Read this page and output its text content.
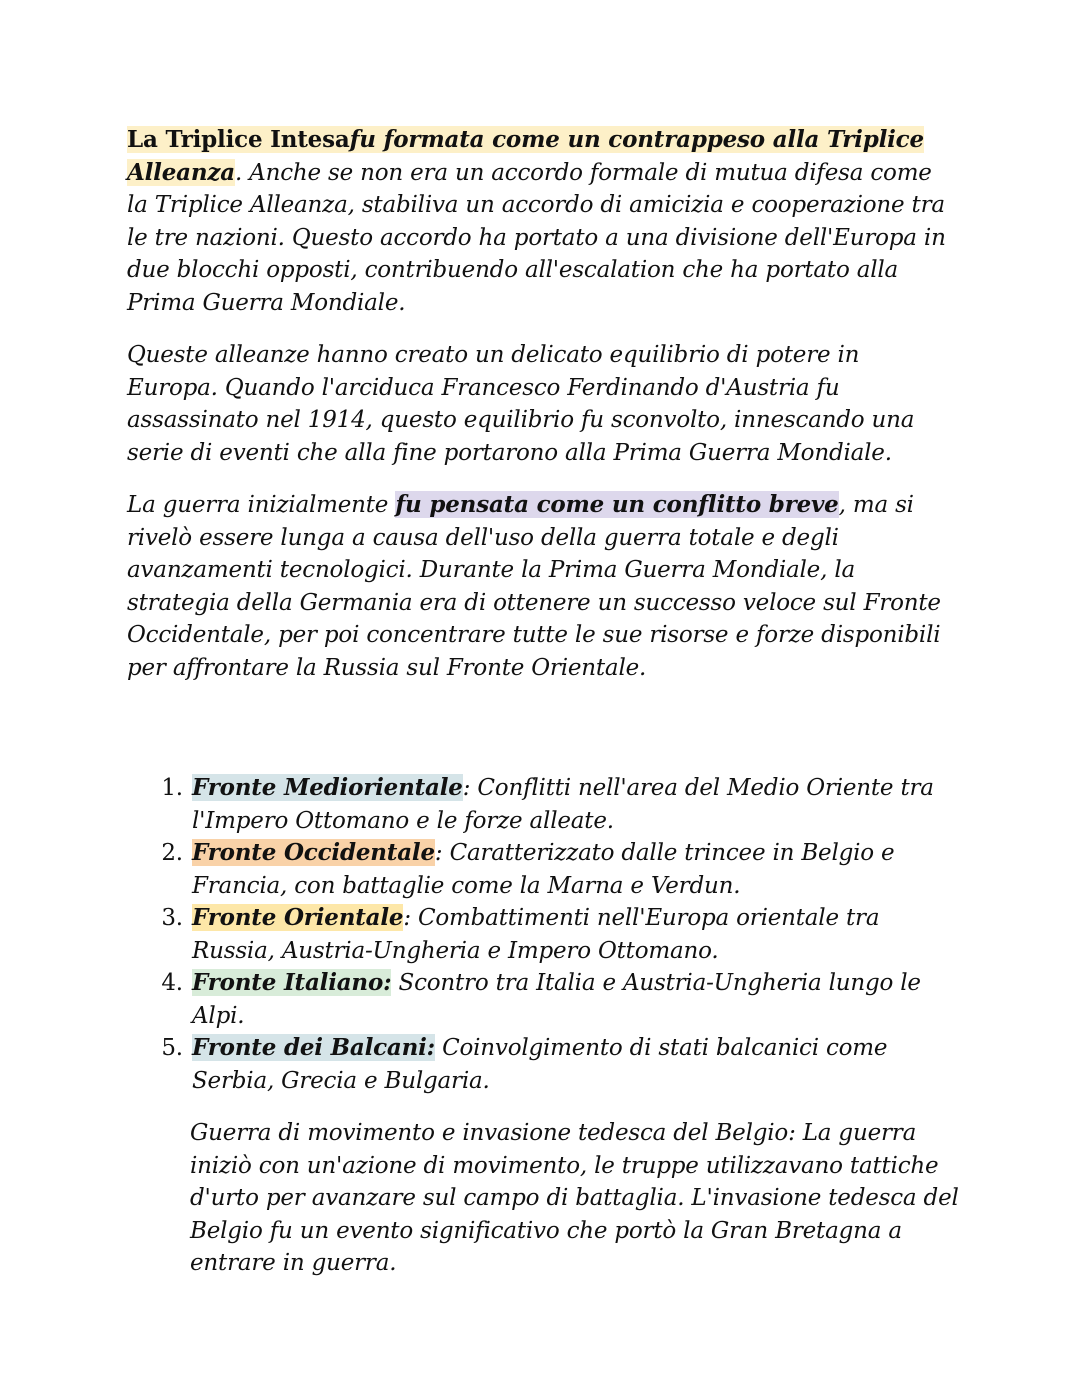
La Triplice Intesafu formata come un contrappeso alla Triplice Alleanza. Anche se non era un accordo formale di mutua difesa come la Triplice Alleanza, stabiliva un accordo di amicizia e cooperazione tra le tre nazioni. Questo accordo ha portato a una divisione dell'Europa in due blocchi opposti, contribuendo all'escalation che ha portato alla Prima Guerra Mondiale.

Queste alleanze hanno creato un delicato equilibrio di potere in Europa. Quando l'arciduca Francesco Ferdinando d'Austria fu assassinato nel 1914, questo equilibrio fu sconvolto, innescando una serie di eventi che alla fine portarono alla Prima Guerra Mondiale.

La guerra inizialmente fu pensata come un conflitto breve, ma si rivelò essere lunga a causa dell'uso della guerra totale e degli avanzamenti tecnologici. Durante la Prima Guerra Mondiale, la strategia della Germania era di ottenere un successo veloce sul Fronte Occidentale, per poi concentrare tutte le sue risorse e forze disponibili per affrontare la Russia sul Fronte Orientale.

1. Fronte Mediorientale: Conflitti nell'area del Medio Oriente tra l'Impero Ottomano e le forze alleate.
2. Fronte Occidentale: Caratterizzato dalle trincee in Belgio e Francia, con battaglie come la Marna e Verdun.
3. Fronte Orientale: Combattimenti nell'Europa orientale tra Russia, Austria-Ungheria e Impero Ottomano.
4. Fronte Italiano: Scontro tra Italia e Austria-Ungheria lungo le Alpi.
5. Fronte dei Balcani: Coinvolgimento di stati balcanici come Serbia, Grecia e Bulgaria.

Guerra di movimento e invasione tedesca del Belgio: La guerra iniziò con un'azione di movimento, le truppe utilizzavano tattiche d'urto per avanzare sul campo di battaglia. L'invasione tedesca del Belgio fu un evento significativo che portò la Gran Bretagna a entrare in guerra.
